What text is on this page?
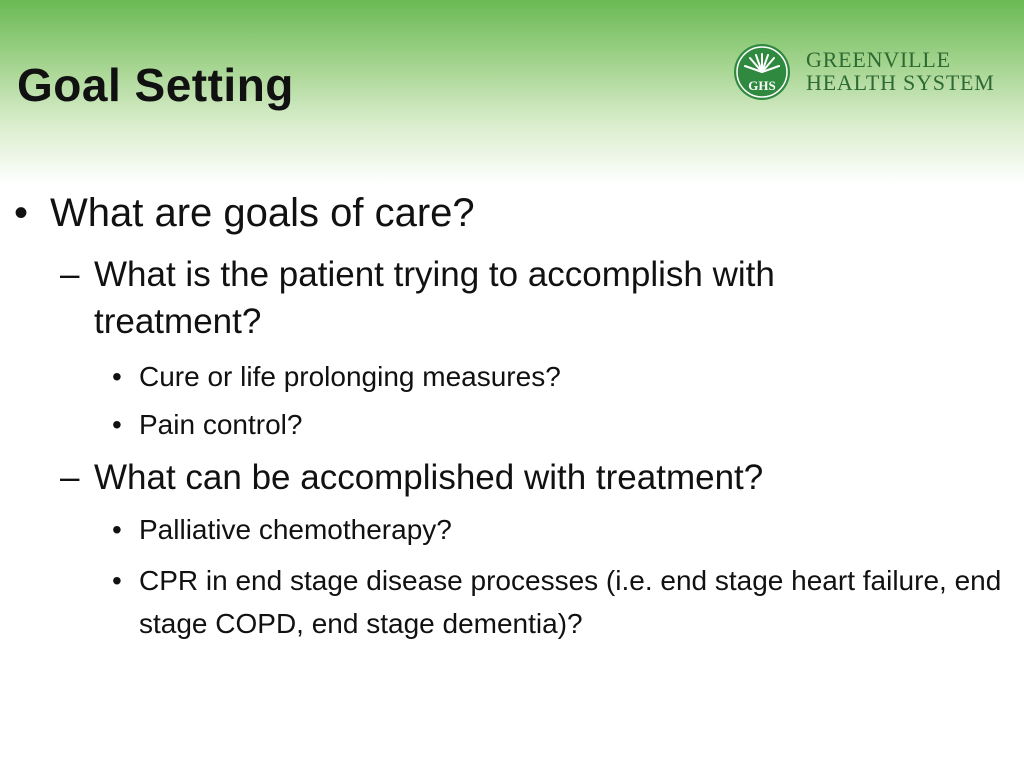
Goal Setting	GHS
GREENVILLE
HEALTH SYSTEM
• What are goals of care?
– What is the patient trying to accomplish with treatment?
• Cure or life prolonging measures?
• Pain control?
– What can be accomplished with treatment?
• Palliative chemotherapy?
• CPR in end stage disease processes (i.e. end stage heart failure, end stage COPD, end stage dementia)?
